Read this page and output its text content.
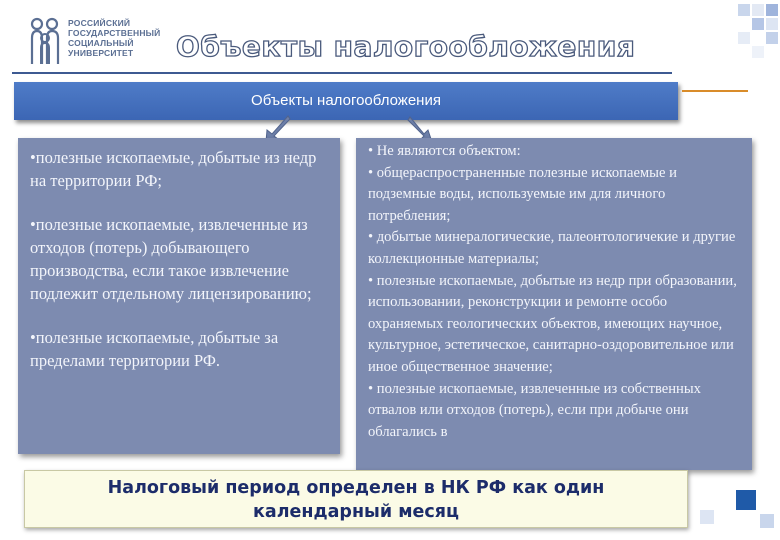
РОССИЙСКИЙ
ГОСУДАРСТВЕННЫЙ
СОЦИАЛЬНЫЙ
УНИВЕРСИТЕТ	Объекты налогообложения
Объекты налогообложения

•полезные ископаемые, добытые из недр на территории РФ;

•полезные ископаемые, извлеченные из отходов (потерь) добывающего производства, если такое извлечение подлежит отдельному лицензированию;

•полезные ископаемые, добытые за пределами территории РФ.

• Не являются объектом:
• общераспространенные полезные ископаемые и подземные воды, используемые им для личного потребления;
• добытые минералогические, палеонтологичекие и другие коллекционные материалы;
• полезные ископаемые, добытые из недр при образовании, использовании, реконструкции и ремонте особо охраняемых геологических объектов, имеющих научное, культурное, эстетическое, санитарно-оздоровительное или иное общественное значение;
• полезные ископаемые, извлеченные из собственных отвалов или отходов (потерь), если при добыче они облагались в
Налоговый период определен в НК РФ как один
календарный месяц
